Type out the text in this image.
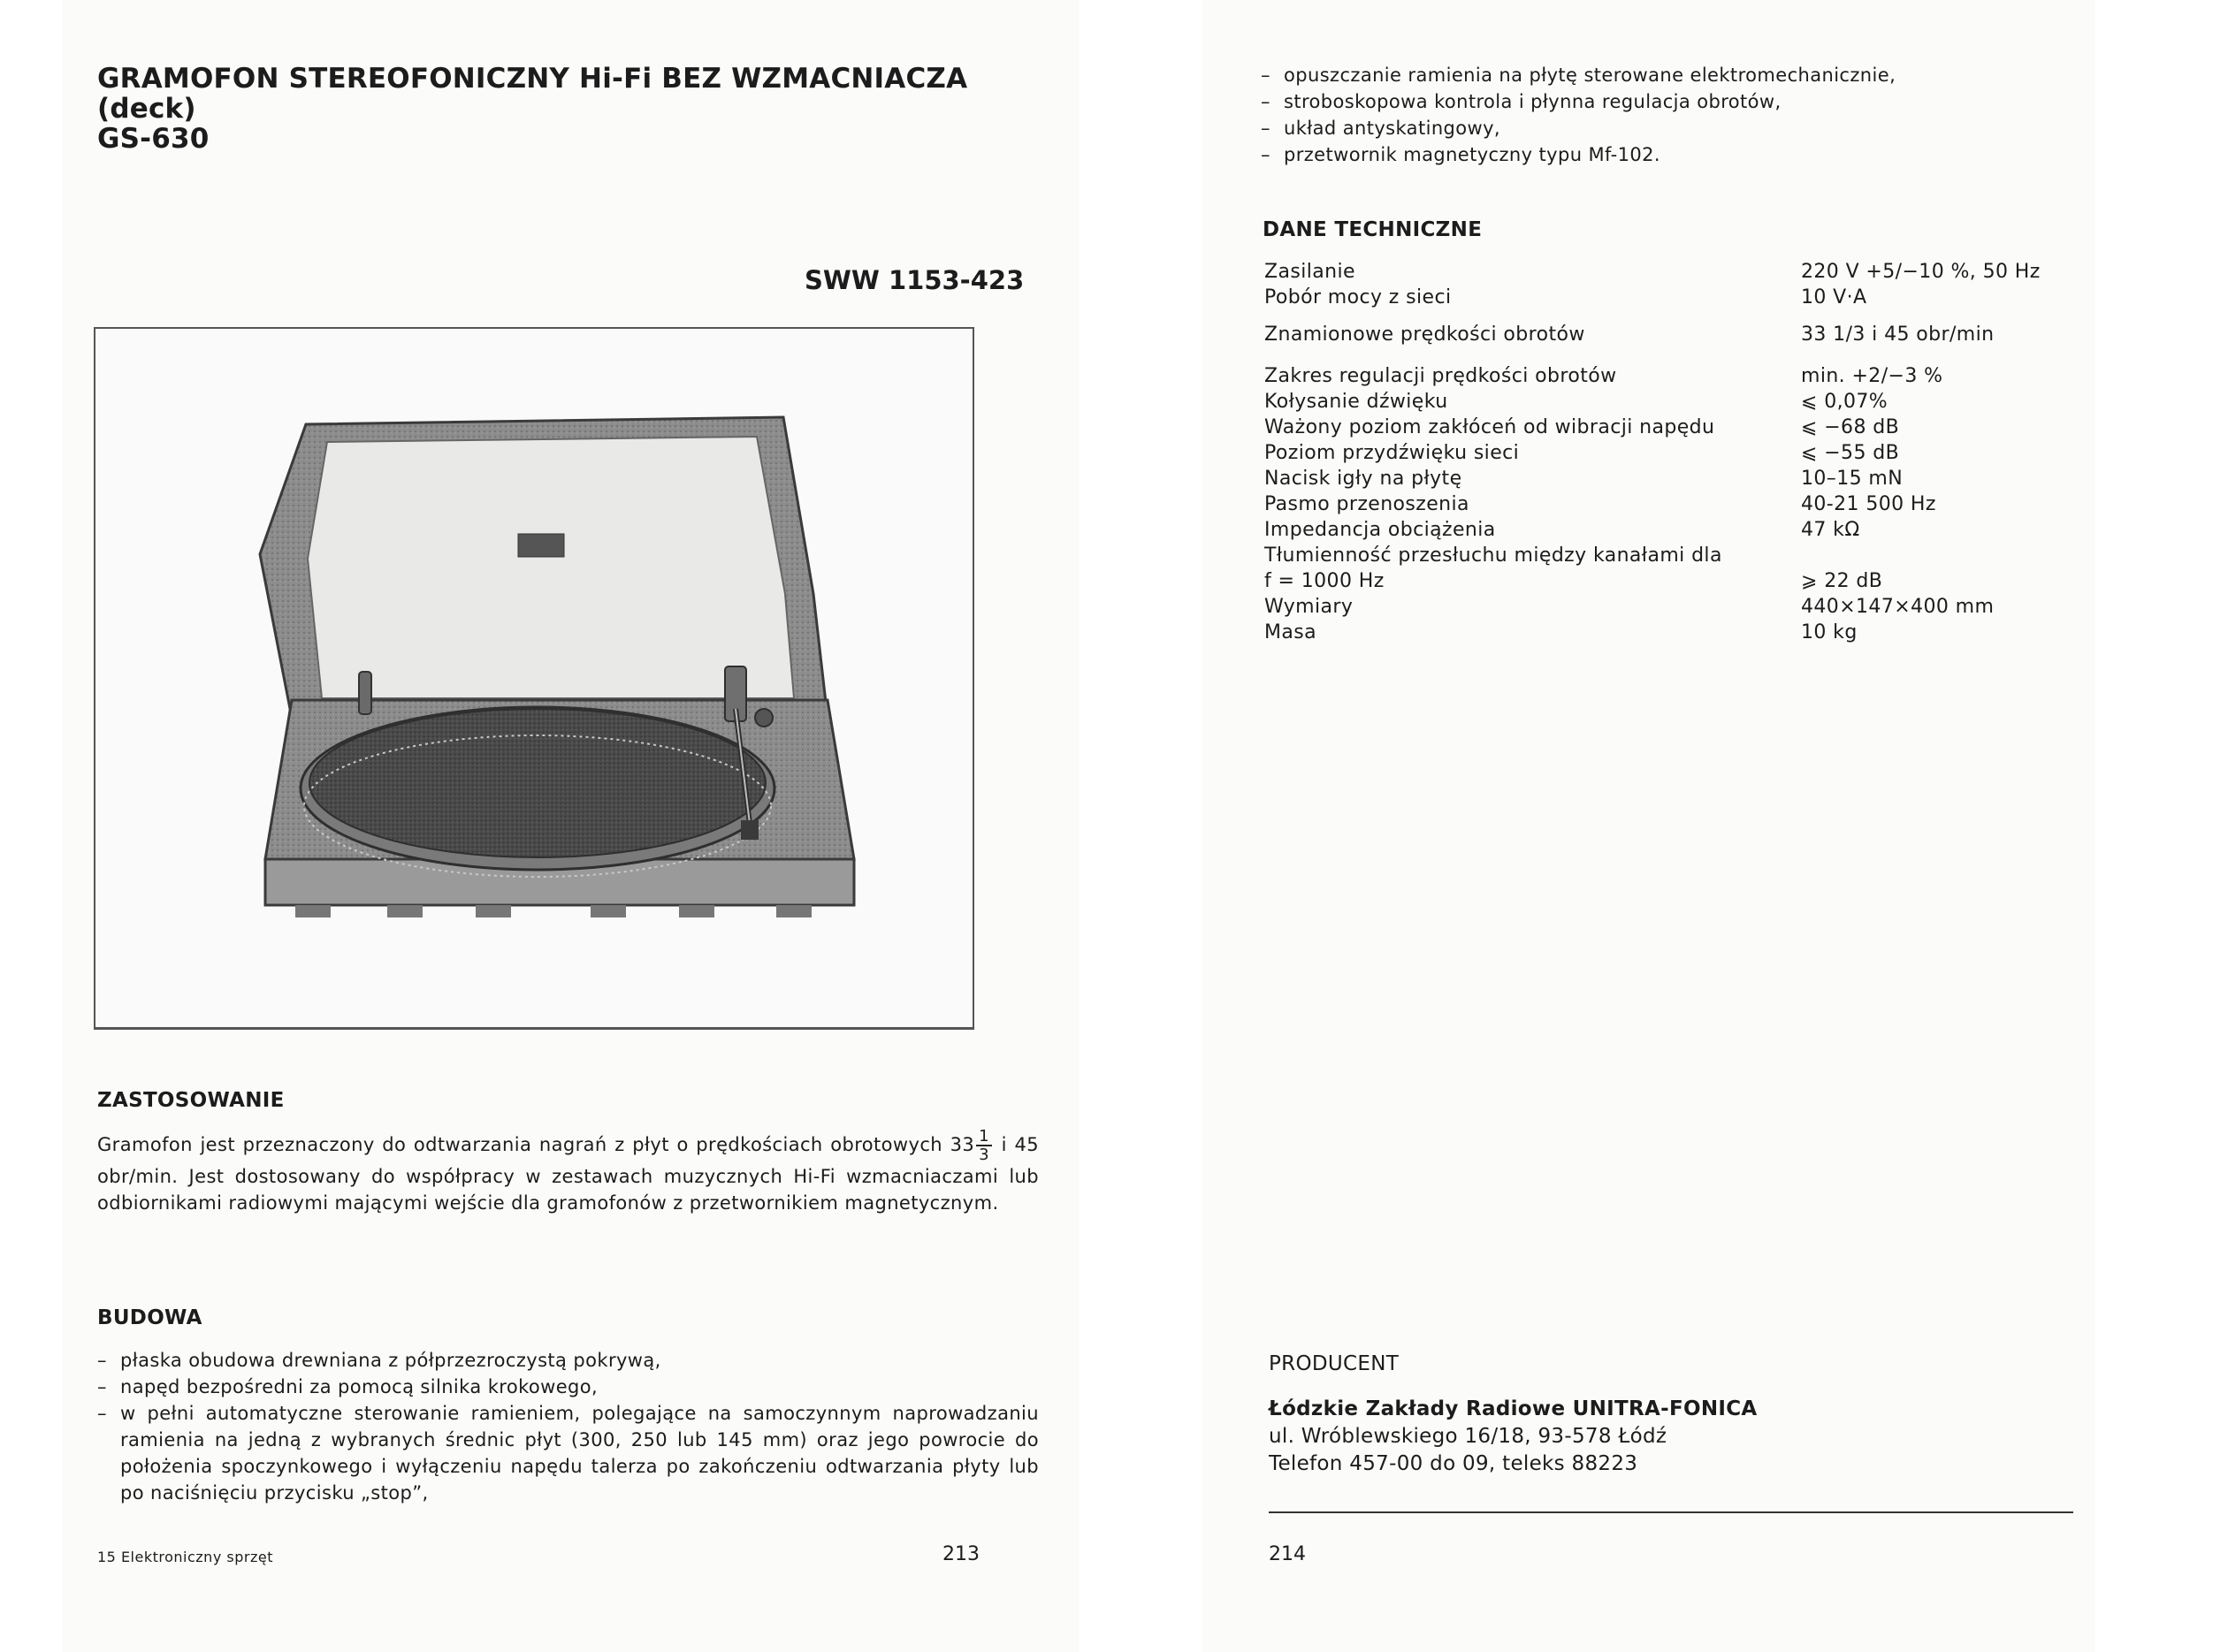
GRAMOFON STEREOFONICZNY Hi-Fi BEZ WZMACNIACZA (deck)
GS-630
SWW 1153-423
ZASTOSOWANIE
Gramofon jest przeznaczony do odtwarzania nagrań z płyt o prędkościach obrotowych $33 \frac{1}{3}$ i 45 obr/min. Jest dostosowany do współpracy w zestawach muzycznych Hi-Fi wzmacniaczami lub odbiornikami radiowymi mającymi wejście dla gramofonów z przetwornikiem magnetycznym.
BUDOWA
– płaska obudowa drewniana z półprzezroczystą pokrywą,
– napęd bezpośredni za pomocą silnika krokowego,
– w pełni automatyczne sterowanie ramieniem, polegające na samoczynnym naprowadzaniu ramienia na jedną z wybranych średnic płyt (300, 250 lub 145 mm) oraz jego powrocie do położenia spoczynkowego i wyłączeniu napędu talerza po zakończeniu odtwarzania płyty lub po naciśnięciu przycisku „stop”,
15 Elektroniczny sprzęt	213
– opuszczanie ramienia na płytę sterowane elektromechanicznie,
– stroboskopowa kontrola i płynna regulacja obrotów,
– układ antyskatingowy,
– przetwornik magnetyczny typu Mf-102.
DANE TECHNICZNE
Zasilanie	220 V +5/−10 %, 50 Hz
Pobór mocy z sieci	10 V·A
Znamionowe prędkości obrotów	33 1/3 i 45 obr/min
Zakres regulacji prędkości obrotów	min. +2/−3 %
Kołysanie dźwięku	⩽ 0,07%
Ważony poziom zakłóceń od wibracji napędu	⩽ −68 dB
Poziom przydźwięku sieci	⩽ −55 dB
Nacisk igły na płytę	10–15 mN
Pasmo przenoszenia	40-21 500 Hz
Impedancja obciążenia	47 kΩ
Tłumienność przesłuchu między kanałami dla
f = 1000 Hz	⩾ 22 dB
Wymiary	440×147×400 mm
Masa	10 kg
PRODUCENT
Łódzkie Zakłady Radiowe UNITRA-FONICA
ul. Wróblewskiego 16/18, 93-578 Łódź
Telefon 457-00 do 09, teleks 88223
214
